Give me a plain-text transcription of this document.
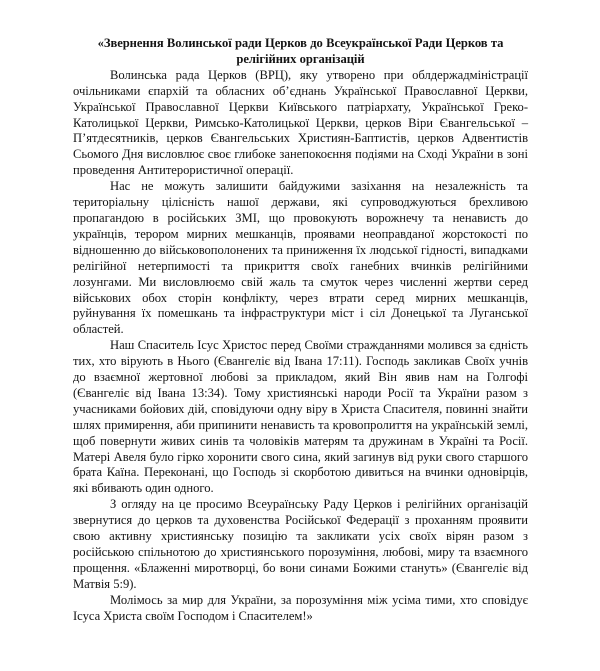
«Звернення Волинської ради Церков до Всеукраїнської Ради Церков та релігійних організацій

Волинська рада Церков (ВРЦ), яку утворено при облдержадміністрації очільниками єпархій та обласних об’єднань Української Православної Церкви, Української Православної Церкви Київського патріархату, Української Греко-Католицької Церкви, Римсько-Католицької Церкви, церков Віри Євангельської – П’ятдесятників, церков Євангельських Християн-Баптистів, церков Адвентистів Сьомого Дня висловлює своє глибоке занепокоєння подіями на Сході України в зоні проведення Антитерористичної операції.

Нас не можуть залишити байдужими зазіхання на незалежність та територіальну цілісність нашої держави, які супроводжуються брехливою пропагандою в російських ЗМІ, що провокують ворожнечу та ненависть до українців, терором мирних мешканців, проявами неоправданої жорстокості по відношенню до військовополонених та приниження їх людської гідності, випадками релігійної нетерпимості та прикриття своїх ганебних вчинків релігійними лозунгами. Ми висловлюємо свій жаль та смуток через численні жертви серед військових обох сторін конфлікту, через втрати серед мирних мешканців, руйнування їх помешкань та інфраструктури міст і сіл Донецької та Луганської областей.

Наш Спаситель Ісус Христос перед Своїми стражданнями молився за єдність тих, хто вірують в Нього (Євангеліє від Івана 17:11). Господь закликав Своїх учнів до взаємної жертовної любові за прикладом, який Він явив нам на Голгофі (Євангеліє від Івана 13:34). Тому християнські народи Росії та України разом з учасниками бойових дій, сповідуючи одну віру в Христа Спасителя, повинні знайти шлях примирення, аби припинити ненависть та кровопролиття на українській землі, щоб повернути живих синів та чоловіків матерям та дружинам в Україні та Росії. Матері Авеля було гірко хоронити свого сина, який загинув від руки свого старшого брата Каїна. Переконані, що Господь зі скорботою дивиться на вчинки одновірців, які вбивають один одного.

З огляду на це просимо Всеураїнську Раду Церков і релігійних організацій звернутися до церков та духовенства Російської Федерації з проханням проявити свою активну християнську позицію та закликати усіх своїх вірян разом з російською спільнотою до християнського порозуміння, любові, миру та взаємного прощення. «Блаженні миротворці, бо вони синами Божими стануть» (Євангеліє від Матвія 5:9).

Молімось за мир для України, за порозуміння між усіма тими, хто сповідує Ісуса Христа своїм Господом і Спасителем!»
